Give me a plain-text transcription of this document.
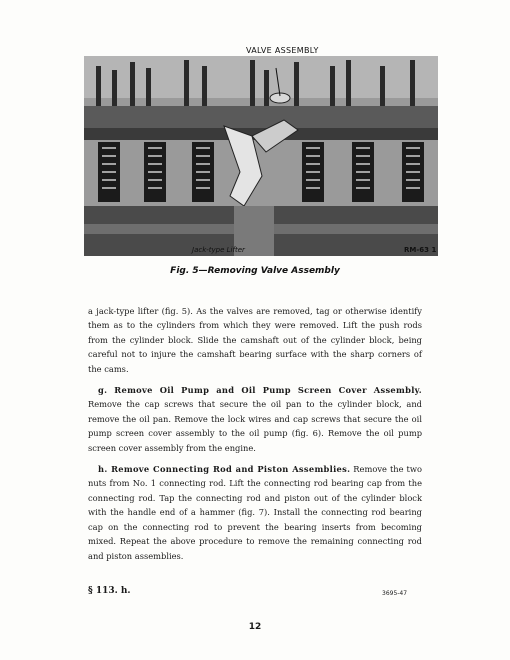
VALVE ASSEMBLY
Jack-type Lifter	RM-63 1
Fig. 5—Removing Valve Assembly

a jack-type lifter (fig. 5). As the valves are removed, tag or otherwise identify them as to the cylinders from which they were removed. Lift the push rods from the cylinder block. Slide the camshaft out of the cylinder block, being careful not to injure the camshaft bearing surface with the sharp corners of the cams.

g. Remove Oil Pump and Oil Pump Screen Cover Assembly. Remove the cap screws that secure the oil pan to the cylinder block, and remove the oil pan. Remove the lock wires and cap screws that secure the oil pump screen cover assembly to the oil pump (fig. 6). Remove the oil pump screen cover assembly from the engine.

h. Remove Connecting Rod and Piston Assemblies. Remove the two nuts from No. 1 connecting rod. Lift the connecting rod bearing cap from the connecting rod. Tap the connecting rod and piston out of the cylinder block with the handle end of a hammer (fig. 7). Install the connecting rod bearing cap on the connecting rod to prevent the bearing inserts from becoming mixed. Repeat the above procedure to remove the remaining connecting rod and piston assemblies.

§ 113. h.	3695-47
12
